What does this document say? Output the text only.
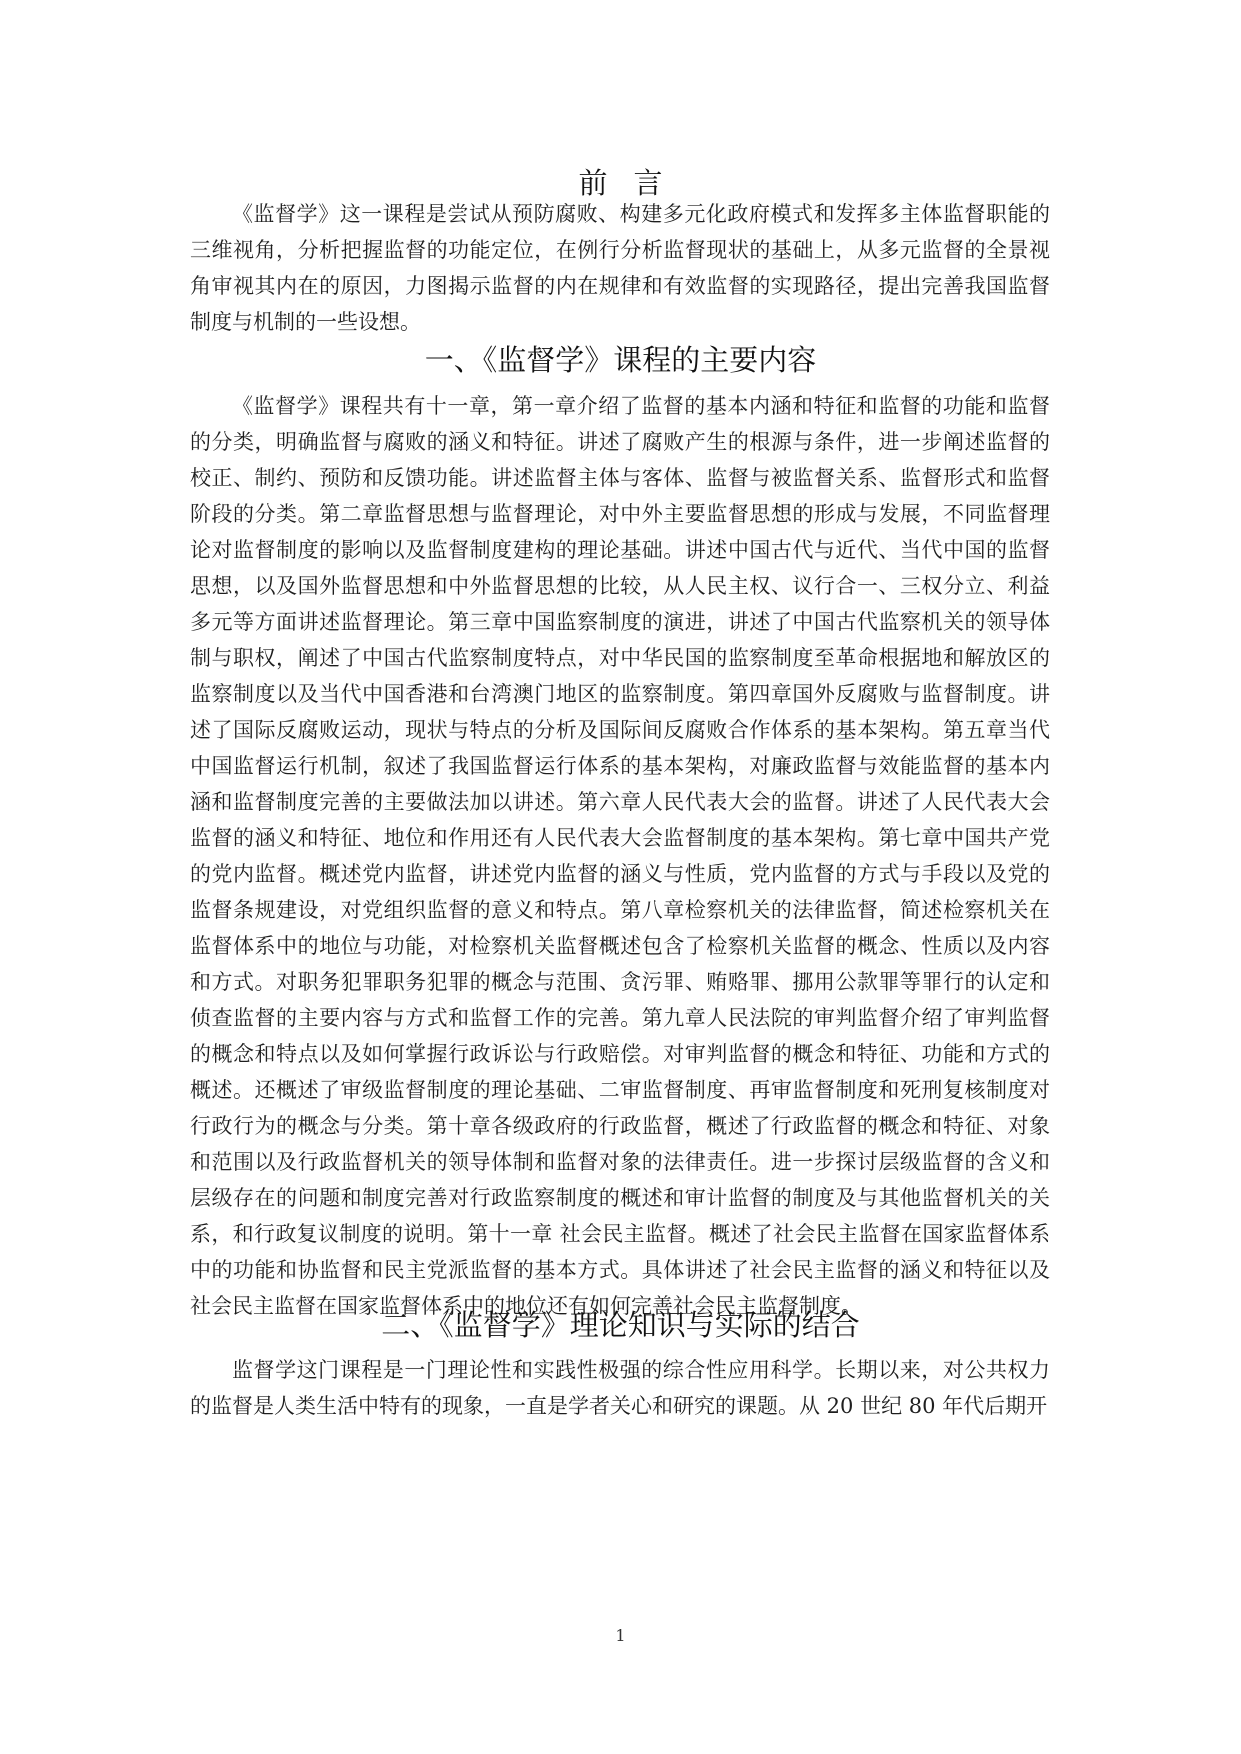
前言

《监督学》这一课程是尝试从预防腐败、构建多元化政府模式和发挥多主体监督职能的三维视角，分析把握监督的功能定位，在例行分析监督现状的基础上，从多元监督的全景视角审视其内在的原因，力图揭示监督的内在规律和有效监督的实现路径，提出完善我国监督制度与机制的一些设想。

一、《监督学》课程的主要内容

《监督学》课程共有十一章，第一章介绍了监督的基本内涵和特征和监督的功能和监督的分类，明确监督与腐败的涵义和特征。讲述了腐败产生的根源与条件，进一步阐述监督的校正、制约、预防和反馈功能。讲述监督主体与客体、监督与被监督关系、监督形式和监督阶段的分类。第二章监督思想与监督理论，对中外主要监督思想的形成与发展，不同监督理论对监督制度的影响以及监督制度建构的理论基础。讲述中国古代与近代、当代中国的监督思想，以及国外监督思想和中外监督思想的比较，从人民主权、议行合一、三权分立、利益多元等方面讲述监督理论。第三章中国监察制度的演进，讲述了中国古代监察机关的领导体制与职权，阐述了中国古代监察制度特点，对中华民国的监察制度至革命根据地和解放区的监察制度以及当代中国香港和台湾澳门地区的监察制度。第四章国外反腐败与监督制度。讲述了国际反腐败运动，现状与特点的分析及国际间反腐败合作体系的基本架构。第五章当代中国监督运行机制，叙述了我国监督运行体系的基本架构，对廉政监督与效能监督的基本内涵和监督制度完善的主要做法加以讲述。第六章人民代表大会的监督。讲述了人民代表大会监督的涵义和特征、地位和作用还有人民代表大会监督制度的基本架构。第七章中国共产党的党内监督。概述党内监督，讲述党内监督的涵义与性质，党内监督的方式与手段以及党的监督条规建设，对党组织监督的意义和特点。第八章检察机关的法律监督，简述检察机关在监督体系中的地位与功能，对检察机关监督概述包含了检察机关监督的概念、性质以及内容和方式。对职务犯罪职务犯罪的概念与范围、贪污罪、贿赂罪、挪用公款罪等罪行的认定和侦查监督的主要内容与方式和监督工作的完善。第九章人民法院的审判监督介绍了审判监督的概念和特点以及如何掌握行政诉讼与行政赔偿。对审判监督的概念和特征、功能和方式的概述。还概述了审级监督制度的理论基础、二审监督制度、再审监督制度和死刑复核制度对行政行为的概念与分类。第十章各级政府的行政监督，概述了行政监督的概念和特征、对象和范围以及行政监督机关的领导体制和监督对象的法律责任。进一步探讨层级监督的含义和层级存在的问题和制度完善对行政监察制度的概述和审计监督的制度及与其他监督机关的关系，和行政复议制度的说明。第十一章 社会民主监督。概述了社会民主监督在国家监督体系中的功能和协监督和民主党派监督的基本方式。具体讲述了社会民主监督的涵义和特征以及社会民主监督在国家监督体系中的地位还有如何完善社会民主监督制度。

二、《监督学》理论知识与实际的结合

监督学这门课程是一门理论性和实践性极强的综合性应用科学。长期以来，对公共权力的监督是人类生活中特有的现象，一直是学者关心和研究的课题。从 20 世纪 80 年代后期开

1
